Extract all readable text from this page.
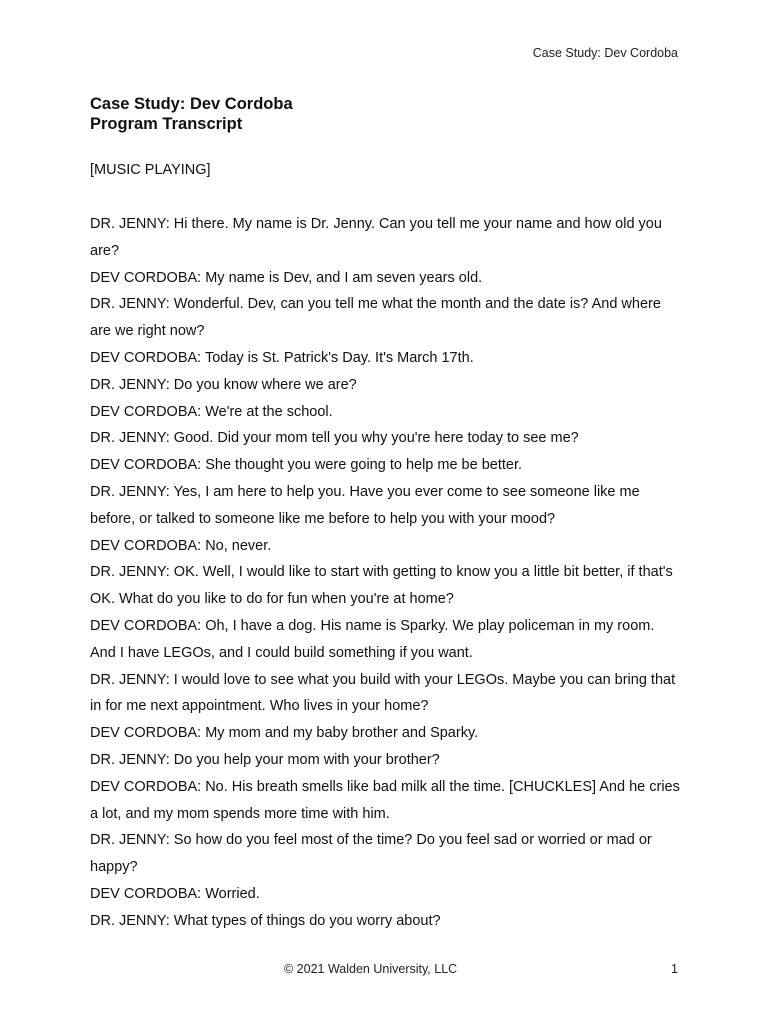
Case Study: Dev Cordoba
Case Study: Dev Cordoba
Program Transcript

[MUSIC PLAYING]

DR. JENNY: Hi there. My name is Dr. Jenny. Can you tell me your name and how old you are?
DEV CORDOBA: My name is Dev, and I am seven years old.
DR. JENNY: Wonderful. Dev, can you tell me what the month and the date is? And where are we right now?
DEV CORDOBA: Today is St. Patrick's Day. It's March 17th.
DR. JENNY: Do you know where we are?
DEV CORDOBA: We're at the school.
DR. JENNY: Good. Did your mom tell you why you're here today to see me?
DEV CORDOBA: She thought you were going to help me be better.
DR. JENNY: Yes, I am here to help you. Have you ever come to see someone like me before, or talked to someone like me before to help you with your mood?
DEV CORDOBA: No, never.
DR. JENNY: OK. Well, I would like to start with getting to know you a little bit better, if that's OK. What do you like to do for fun when you're at home?
DEV CORDOBA: Oh, I have a dog. His name is Sparky. We play policeman in my room. And I have LEGOs, and I could build something if you want.
DR. JENNY: I would love to see what you build with your LEGOs. Maybe you can bring that in for me next appointment. Who lives in your home?
DEV CORDOBA: My mom and my baby brother and Sparky.
DR. JENNY: Do you help your mom with your brother?
DEV CORDOBA: No. His breath smells like bad milk all the time. [CHUCKLES] And he cries a lot, and my mom spends more time with him.
DR. JENNY: So how do you feel most of the time? Do you feel sad or worried or mad or happy?
DEV CORDOBA: Worried.
DR. JENNY: What types of things do you worry about?
© 2021 Walden University, LLC	1
